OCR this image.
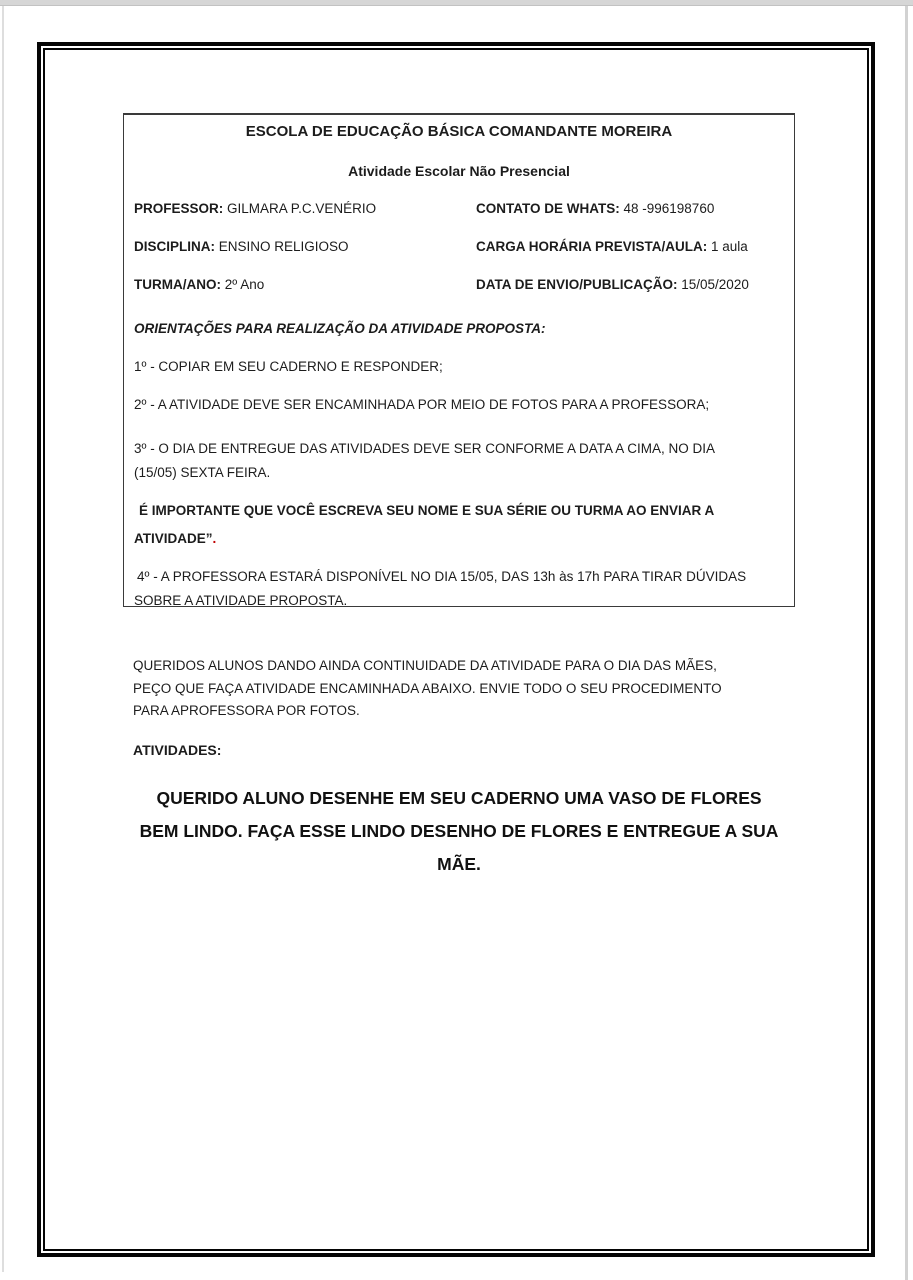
ESCOLA DE EDUCAÇÃO BÁSICA COMANDANTE MOREIRA
Atividade Escolar Não Presencial
PROFESSOR: GILMARA P.C.VENÉRIO	CONTATO DE WHATS: 48 -996198760
DISCIPLINA: ENSINO RELIGIOSO	CARGA HORÁRIA PREVISTA/AULA: 1 aula
TURMA/ANO: 2º Ano	DATA DE ENVIO/PUBLICAÇÃO: 15/05/2020
ORIENTAÇÕES PARA REALIZAÇÃO DA ATIVIDADE PROPOSTA:
1º - COPIAR EM SEU CADERNO E RESPONDER;
2º - A ATIVIDADE DEVE SER ENCAMINHADA POR MEIO DE FOTOS PARA A PROFESSORA;
3º - O DIA DE ENTREGUE DAS ATIVIDADES DEVE SER CONFORME A DATA A CIMA, NO DIA
(15/05) SEXTA FEIRA.
É IMPORTANTE QUE VOCÊ ESCREVA SEU NOME E SUA SÉRIE OU TURMA AO ENVIAR A
ATIVIDADE”.
4º - A PROFESSORA ESTARÁ DISPONÍVEL NO DIA 15/05, DAS 13h às 17h PARA TIRAR DÚVIDAS
SOBRE A ATIVIDADE PROPOSTA.
QUERIDOS ALUNOS DANDO AINDA CONTINUIDADE DA ATIVIDADE PARA O DIA DAS MÃES,
PEÇO QUE FAÇA ATIVIDADE ENCAMINHADA ABAIXO. ENVIE TODO O SEU PROCEDIMENTO
PARA APROFESSORA POR FOTOS.
ATIVIDADES:
QUERIDO ALUNO DESENHE EM SEU CADERNO UMA VASO DE FLORES
BEM LINDO. FAÇA ESSE LINDO DESENHO DE FLORES E ENTREGUE A SUA
MÃE.
